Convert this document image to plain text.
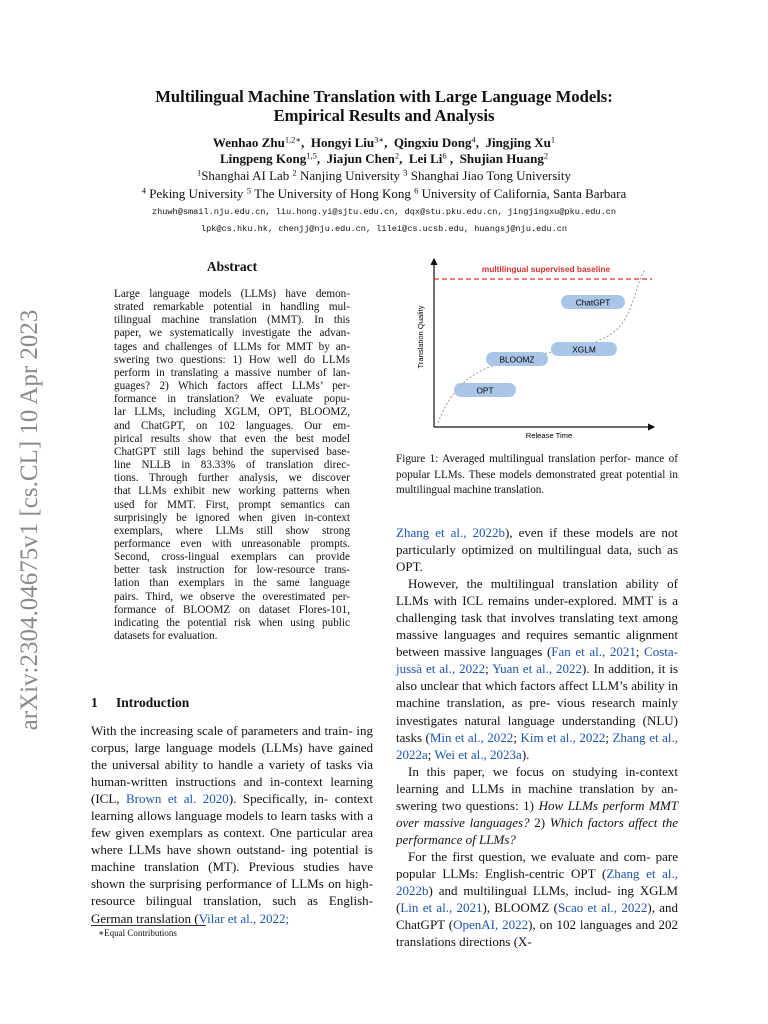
arXiv:2304.04675v1 [cs.CL] 10 Apr 2023
Multilingual Machine Translation with Large Language Models:
Empirical Results and Analysis
Wenhao Zhu$^{1,2∗}$,  Hongyi Liu$^{3∗}$,  Qingxiu Dong$^4$,  Jingjing Xu$^1$
Lingpeng Kong$^{1,5}$,  Jiajun Chen$^2$,  Lei Li$^6$ ,  Shujian Huang$^2$
$^1$Shanghai AI Lab $^2$ Nanjing University $^3$ Shanghai Jiao Tong University
$^4$ Peking University $^5$ The University of Hong Kong $^6$ University of California, Santa Barbara
zhuwh@smail.nju.edu.cn, liu.hong.yi@sjtu.edu.cn, dqx@stu.pku.edu.cn, jingjingxu@pku.edu.cn
lpk@cs.hku.hk, chenjj@nju.edu.cn, lilei@cs.ucsb.edu, huangsj@nju.edu.cn
Abstract
Large language models (LLMs) have demon-
strated remarkable potential in handling mul-
tilingual machine translation (MMT). In this
paper, we systematically investigate the advan-
tages and challenges of LLMs for MMT by an-
swering two questions: 1) How well do LLMs
perform in translating a massive number of lan-
guages? 2) Which factors affect LLMs’ per-
formance in translation? We evaluate popu-
lar LLMs, including XGLM, OPT, BLOOMZ,
and ChatGPT, on 102 languages. Our em-
pirical results show that even the best model
ChatGPT still lags behind the supervised base-
line NLLB in 83.33% of translation direc-
tions. Through further analysis, we discover
that LLMs exhibit new working patterns when
used for MMT. First, prompt semantics can
surprisingly be ignored when given in-context
exemplars, where LLMs still show strong
performance even with unreasonable prompts.
Second, cross-lingual exemplars can provide
better task instruction for low-resource trans-
lation than exemplars in the same language
pairs. Third, we observe the overestimated per-
formance of BLOOMZ on dataset Flores-101,
indicating the potential risk when using public
datasets for evaluation.
1 Introduction
With the increasing scale of parameters and train- ing corpus, large language models (LLMs) have gained the universal ability to handle a variety of tasks via human-written instructions and in-context learning (ICL, Brown et al. 2020). Specifically, in- context learning allows language models to learn tasks with a few given exemplars as context. One particular area where LLMs have shown outstand- ing potential is machine translation (MT). Previous studies have shown the surprising performance of LLMs on high-resource bilingual translation, such as English-German translation (Vilar et al., 2022;
∗Equal Contributions
multilingual supervised baseline
OPT
BLOOMZ
XGLM
ChatGPT
Translation Quality
Release Time
Figure 1: Averaged multilingual translation perfor- mance of popular LLMs. These models demonstrated great potential in multilingual machine translation.

Zhang et al., 2022b), even if these models are not particularly optimized on multilingual data, such as OPT.

However, the multilingual translation ability of LLMs with ICL remains under-explored. MMT is a challenging task that involves translating text among massive languages and requires semantic alignment between massive languages (Fan et al., 2021; Costa-jussà et al., 2022; Yuan et al., 2022). In addition, it is also unclear that which factors affect LLM’s ability in machine translation, as pre- vious research mainly investigates natural language understanding (NLU) tasks (Min et al., 2022; Kim et al., 2022; Zhang et al., 2022a; Wei et al., 2023a).

In this paper, we focus on studying in-context learning and LLMs in machine translation by an- swering two questions: 1) How LLMs perform MMT over massive languages? 2) Which factors affect the performance of LLMs?

For the first question, we evaluate and com- pare popular LLMs: English-centric OPT (Zhang et al., 2022b) and multilingual LLMs, includ- ing XGLM (Lin et al., 2021), BLOOMZ (Scao et al., 2022), and ChatGPT (OpenAI, 2022), on 102 languages and 202 translations directions (X-
